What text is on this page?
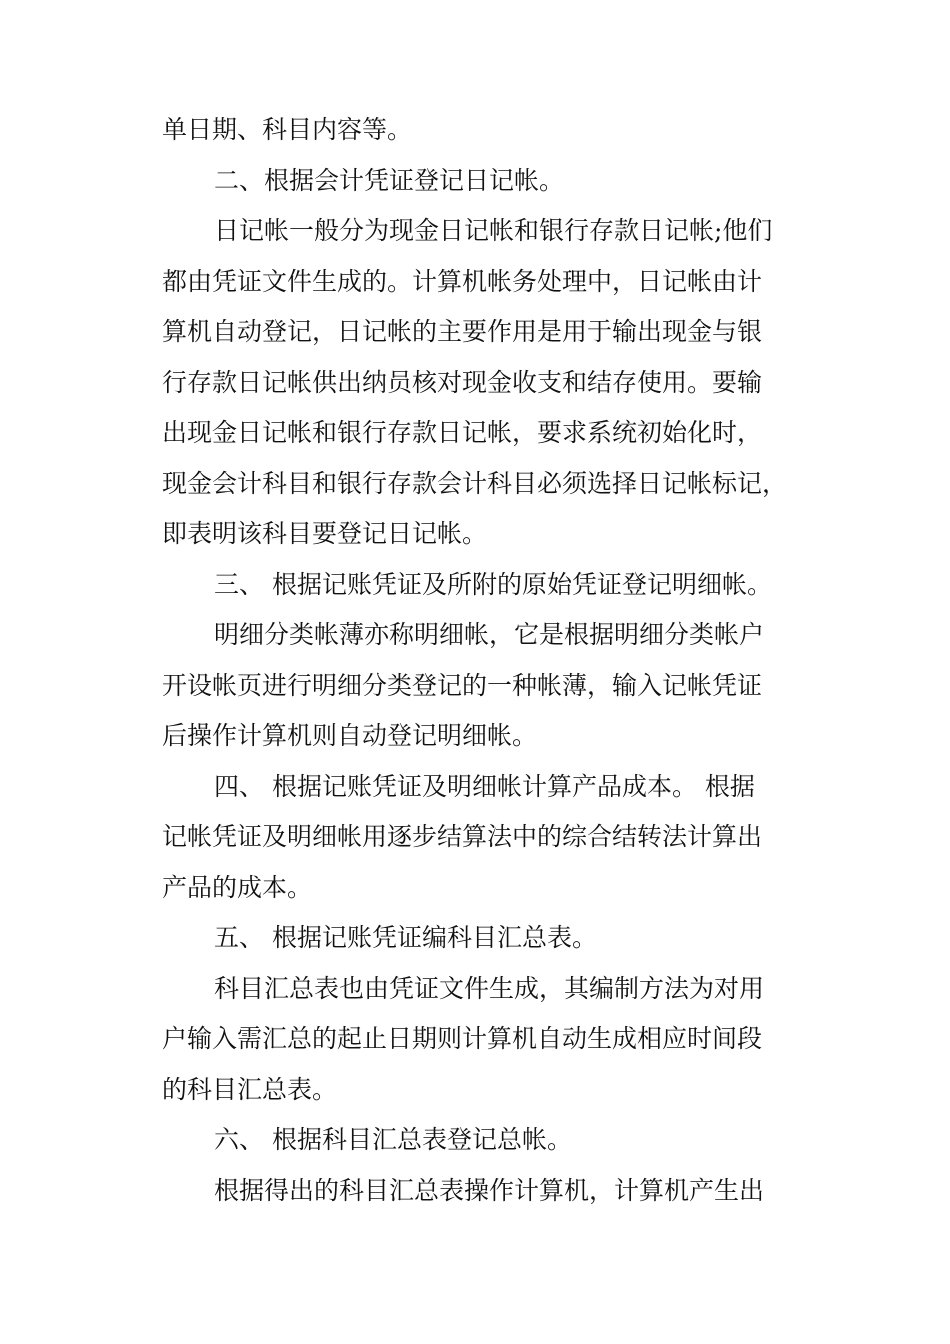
单日期、科目内容等。
二、根据会计凭证登记日记帐。
日记帐一般分为现金日记帐和银行存款日记帐;他们
都由凭证文件生成的。计算机帐务处理中，日记帐由计
算机自动登记，日记帐的主要作用是用于输出现金与银
行存款日记帐供出纳员核对现金收支和结存使用。要输
出现金日记帐和银行存款日记帐，要求系统初始化时，
现金会计科目和银行存款会计科目必须选择日记帐标记，
即表明该科目要登记日记帐。
三、 根据记账凭证及所附的原始凭证登记明细帐。
明细分类帐薄亦称明细帐，它是根据明细分类帐户
开设帐页进行明细分类登记的一种帐薄，输入记帐凭证
后操作计算机则自动登记明细帐。
四、 根据记账凭证及明细帐计算产品成本。 根据
记帐凭证及明细帐用逐步结算法中的综合结转法计算出
产品的成本。
五、 根据记账凭证编科目汇总表。
科目汇总表也由凭证文件生成，其编制方法为对用
户输入需汇总的起止日期则计算机自动生成相应时间段
的科目汇总表。
六、 根据科目汇总表登记总帐。
根据得出的科目汇总表操作计算机，计算机产生出
